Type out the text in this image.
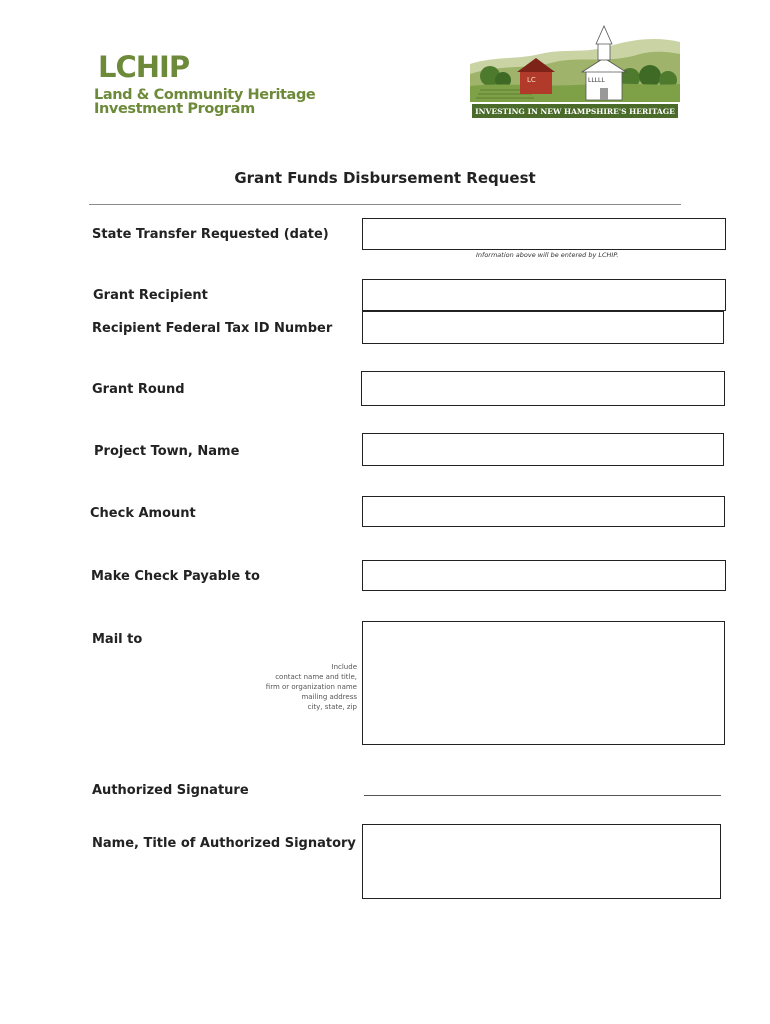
LCHIP
Land & Community Heritage
Investment Program
LC	LLLLL
INVESTING IN NEW HAMPSHIRE'S HERITAGE
Grant Funds Disbursement Request
State Transfer Requested (date)
Information above will be entered by LCHIP.
Grant Recipient
Recipient Federal Tax ID Number
Grant Round
Project Town, Name
Check Amount
Make Check Payable to
Mail to
Include
contact name and title,
firm or organization name
mailing address
city, state, zip
Authorized Signature
Name, Title of Authorized Signatory
